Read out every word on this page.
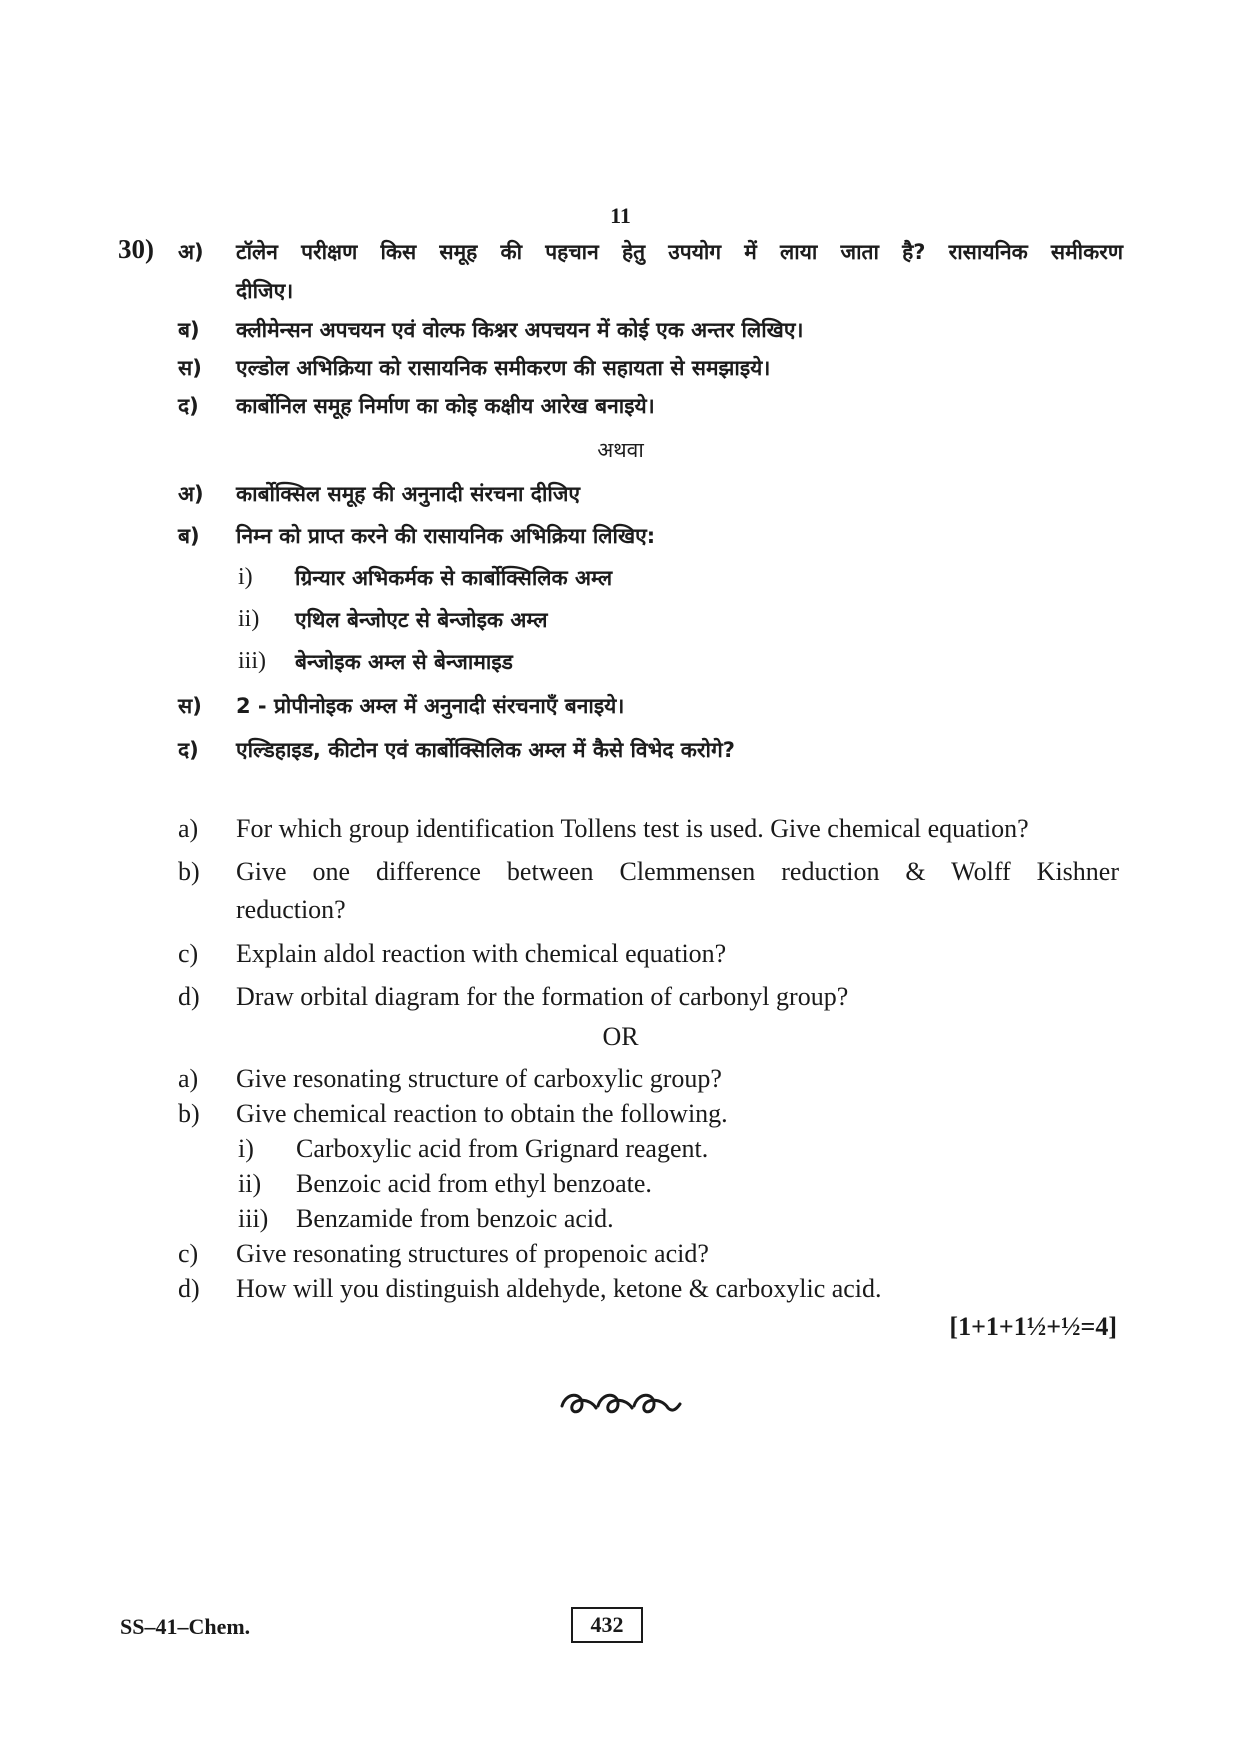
11
30) अ) टॉलेन परीक्षण किस समूह की पहचान हेतु उपयोग में लाया जाता है? रासायनिक समीकरण
दीजिए।
ब) क्लीमेन्सन अपचयन एवं वोल्फ किश्नर अपचयन में कोई एक अन्तर लिखिए।
स) एल्डोल अभिक्रिया को रासायनिक समीकरण की सहायता से समझाइये।
द) कार्बोनिल समूह निर्माण का कोइ कक्षीय आरेख बनाइये।
अथवा
अ) कार्बोक्सिल समूह की अनुनादी संरचना दीजिए
ब) निम्न को प्राप्त करने की रासायनिक अभिक्रिया लिखिए:
i) ग्रिन्यार अभिकर्मक से कार्बोक्सिलिक अम्ल
ii) एथिल बेन्जोएट से बेन्जोइक अम्ल
iii) बेन्जोइक अम्ल से बेन्जामाइड
स) 2 - प्रोपीनोइक अम्ल में अनुनादी संरचनाएँ बनाइये।
द) एल्डिहाइड, कीटोन एवं कार्बोक्सिलिक अम्ल में कैसे विभेद करोगे?
a) For which group identification Tollens test is used. Give chemical equation?
b) Give one difference between Clemmensen reduction & Wolff Kishner
reduction?
c) Explain aldol reaction with chemical equation?
d) Draw orbital diagram for the formation of carbonyl group?
OR
a) Give resonating structure of carboxylic group?
b) Give chemical reaction to obtain the following.
i) Carboxylic acid from Grignard reagent.
ii) Benzoic acid from ethyl benzoate.
iii) Benzamide from benzoic acid.
c) Give resonating structures of propenoic acid?
d) How will you distinguish aldehyde, ketone & carboxylic acid.
[1+1+1½+½=4]
SS–41–Chem.	432
